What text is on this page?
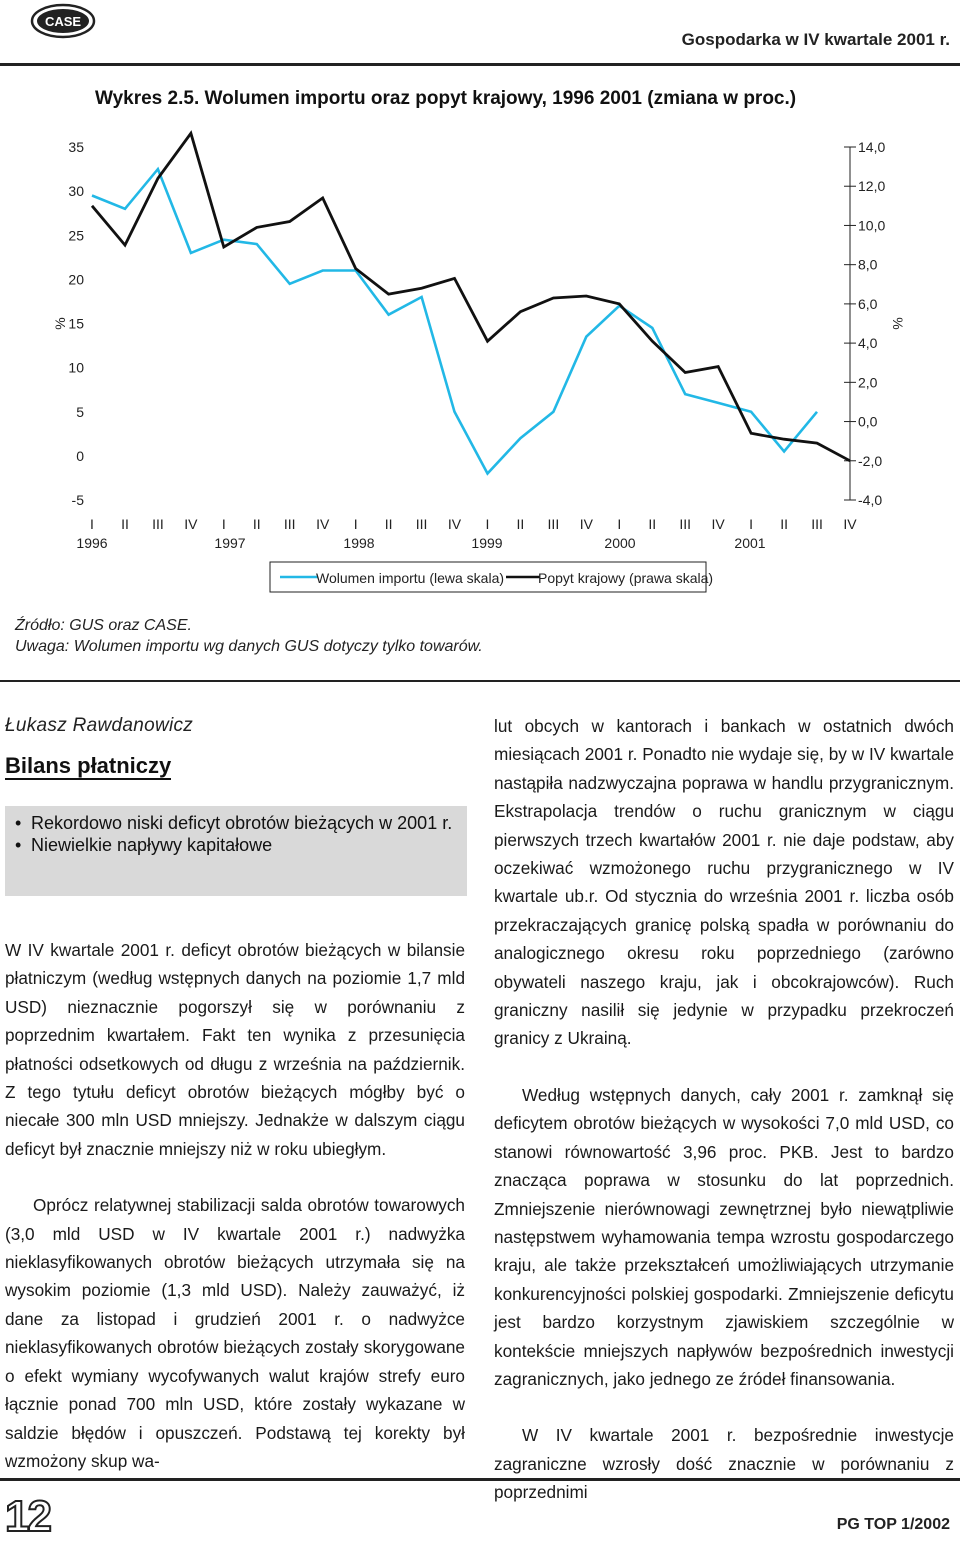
CASE
Gospodarka w IV kwartale 2001 r.
Wykres 2.5. Wolumen importu oraz popyt krajowy, 1996 2001 (zmiana w proc.)
35
30
25
20
15
10
5
0
-5
14,0
12,0
10,0
8,0
6,0
4,0
2,0
0,0
-2,0
-4,0
%	%
I II III IV I II III IV I II III IV I II III IV I II III IV I II III IV
1996	1997	1998	1999	2000	2001
Wolumen importu (lewa skala) Popyt krajowy (prawa skala)
Źródło: GUS oraz CASE.
Uwaga: Wolumen importu wg danych GUS dotyczy tylko towarów.
Łukasz Rawdanowicz
Bilans płatniczy
• Rekordowo niski deficyt obrotów bieżących w 2001 r.
• Niewielkie napływy kapitałowe

W IV kwartale 2001 r. deficyt obrotów bieżących w bilansie płatniczym (według wstępnych danych na poziomie 1,7 mld USD) nieznacznie pogorszył się w porównaniu z poprzednim kwartałem. Fakt ten wynika z przesunięcia płatności odsetkowych od długu z września na październik. Z tego tytułu deficyt obrotów bieżących mógłby być o niecałe 300 mln USD mniejszy. Jednakże w dalszym ciągu deficyt był znacznie mniejszy niż w roku ubiegłym.

Oprócz relatywnej stabilizacji salda obrotów towarowych (3,0 mld USD w IV kwartale 2001 r.) nadwyżka nieklasyfikowanych obrotów bieżących utrzymała się na wysokim poziomie (1,3 mld USD). Należy zauważyć, iż dane za listopad i grudzień 2001 r. o nadwyżce nieklasyfikowanych obrotów bieżących zostały skorygowane o efekt wymiany wycofywanych walut krajów strefy euro łącznie ponad 700 mln USD, które zostały wykazane w saldzie błędów i opuszczeń. Podstawą tej korekty był wzmożony skup wa-

lut obcych w kantorach i bankach w ostatnich dwóch miesiącach 2001 r. Ponadto nie wydaje się, by w IV kwartale nastąpiła nadzwyczajna poprawa w handlu przygranicznym. Ekstrapolacja trendów o ruchu granicznym w ciągu pierwszych trzech kwartałów 2001 r. nie daje podstaw, aby oczekiwać wzmożonego ruchu przygranicznego w IV kwartale ub.r. Od stycznia do września 2001 r. liczba osób przekraczających granicę polską spadła w porównaniu do analogicznego okresu roku poprzedniego (zarówno obywateli naszego kraju, jak i obcokrajowców). Ruch graniczny nasilił się jedynie w przypadku przekroczeń granicy z Ukrainą.

Według wstępnych danych, cały 2001 r. zamknął się deficytem obrotów bieżących w wysokości 7,0 mld USD, co stanowi równowartość 3,96 proc. PKB. Jest to bardzo znacząca poprawa w stosunku do lat poprzednich. Zmniejszenie nierównowagi zewnętrznej było niewątpliwie następstwem wyhamowania tempa wzrostu gospodarczego kraju, ale także przekształceń umożliwiających utrzymanie konkurencyjności polskiej gospodarki. Zmniejszenie deficytu jest bardzo korzystnym zjawiskiem szczególnie w kontekście mniejszych napływów bezpośrednich inwestycji zagranicznych, jako jednego ze źródeł finansowania.

W IV kwartale 2001 r. bezpośrednie inwestycje zagraniczne wzrosły dość znacznie w porównaniu z poprzednimi

12	PG TOP 1/2002
